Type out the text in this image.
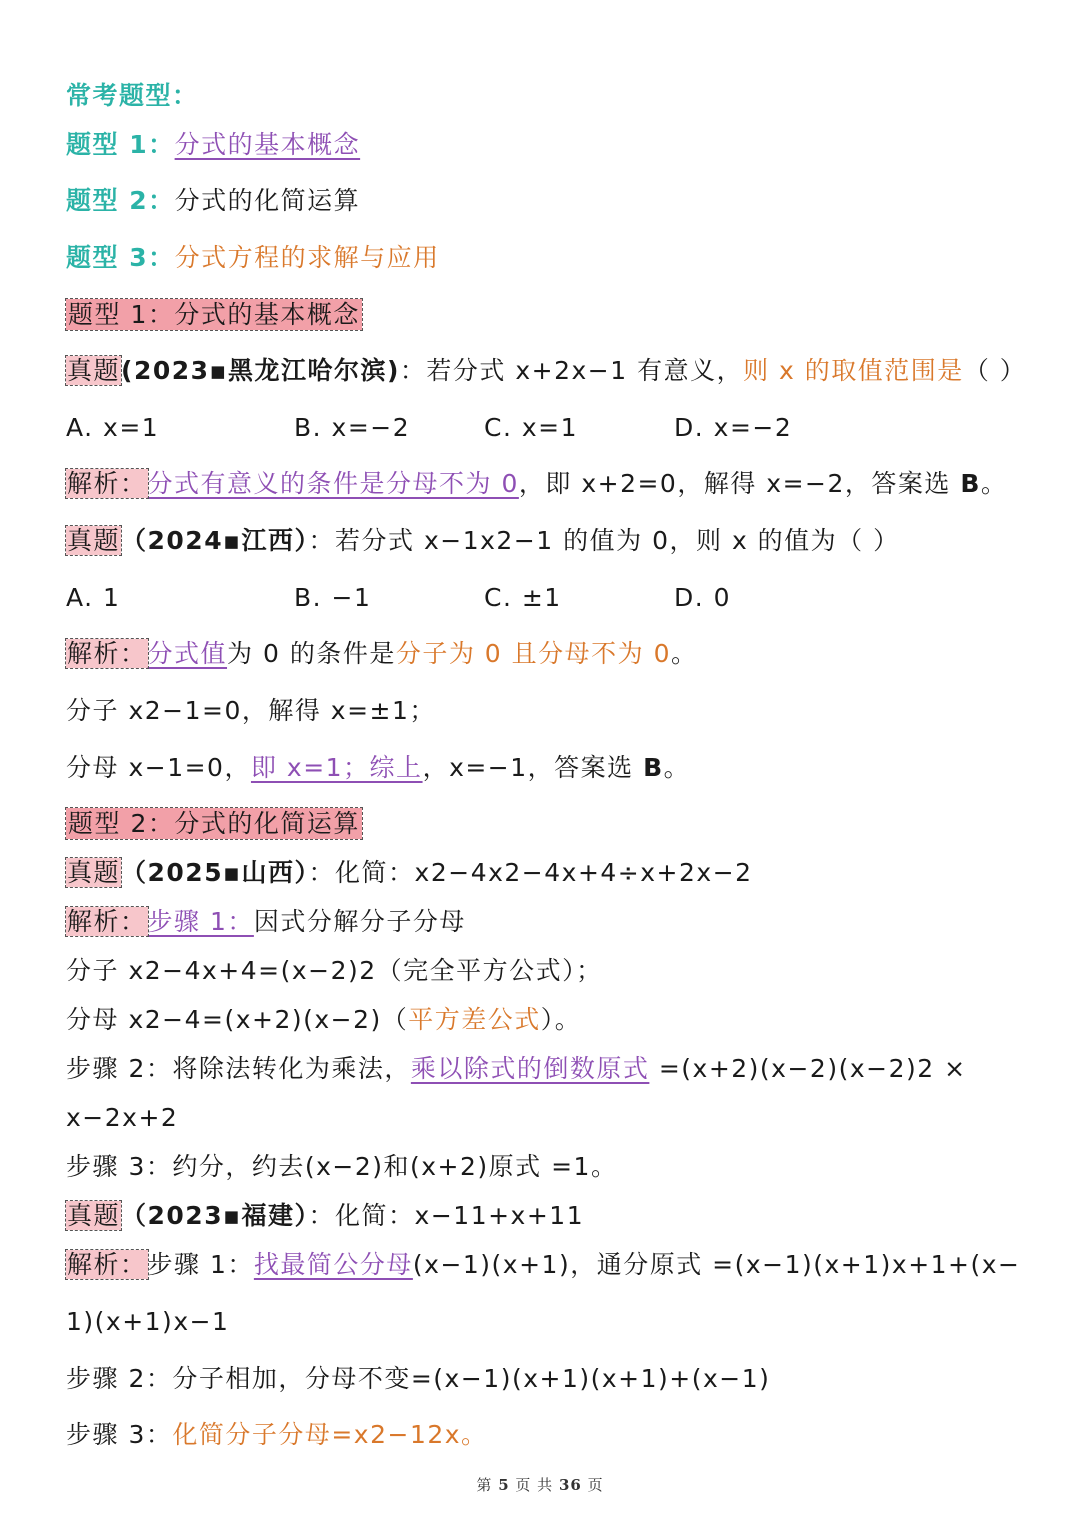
常考题型：
题型 1：分式的基本概念
题型 2：分式的化简运算
题型 3：分式方程的求解与应用
题型 1：分式的基本概念
真题(2023▪黑龙江哈尔滨)：若分式 x+2x−1 有意义，则 x 的取值范围是（ ）
A. x=1	B. x=−2	C. x=1	D. x=−2
解析：分式有意义的条件是分母不为 0，即 x+2=0，解得 x=−2，答案选 B。
真题（2024▪江西）：若分式 x−1x2−1 的值为 0，则 x 的值为（ ）
A. 1	B. −1	C. ±1	D. 0
解析：分式值为 0 的条件是分子为 0 且分母不为 0。
分子 x2−1=0，解得 x=±1；
分母 x−1=0，即 x=1；综上，x=−1，答案选 B。
题型 2：分式的化简运算
真题（2025▪山西）：化简：x2−4x2−4x+4÷x+2x−2
解析：步骤 1：因式分解分子分母
分子 x2−4x+4=(x−2)2（完全平方公式）；
分母 x2−4=(x+2)(x−2)（平方差公式）。
步骤 2：将除法转化为乘法，乘以除式的倒数原式 =(x+2)(x−2)(x−2)2 ×
x−2x+2
步骤 3：约分，约去(x−2)和(x+2)原式 =1。
真题（2023▪福建）：化简：x−11+x+11
解析：步骤 1：找最简公分母(x−1)(x+1)，通分原式 =(x−1)(x+1)x+1+(x−
1)(x+1)x−1
步骤 2：分子相加，分母不变=(x−1)(x+1)(x+1)+(x−1)
步骤 3：化简分子分母=x2−12x。
第 5 页 共 36 页
